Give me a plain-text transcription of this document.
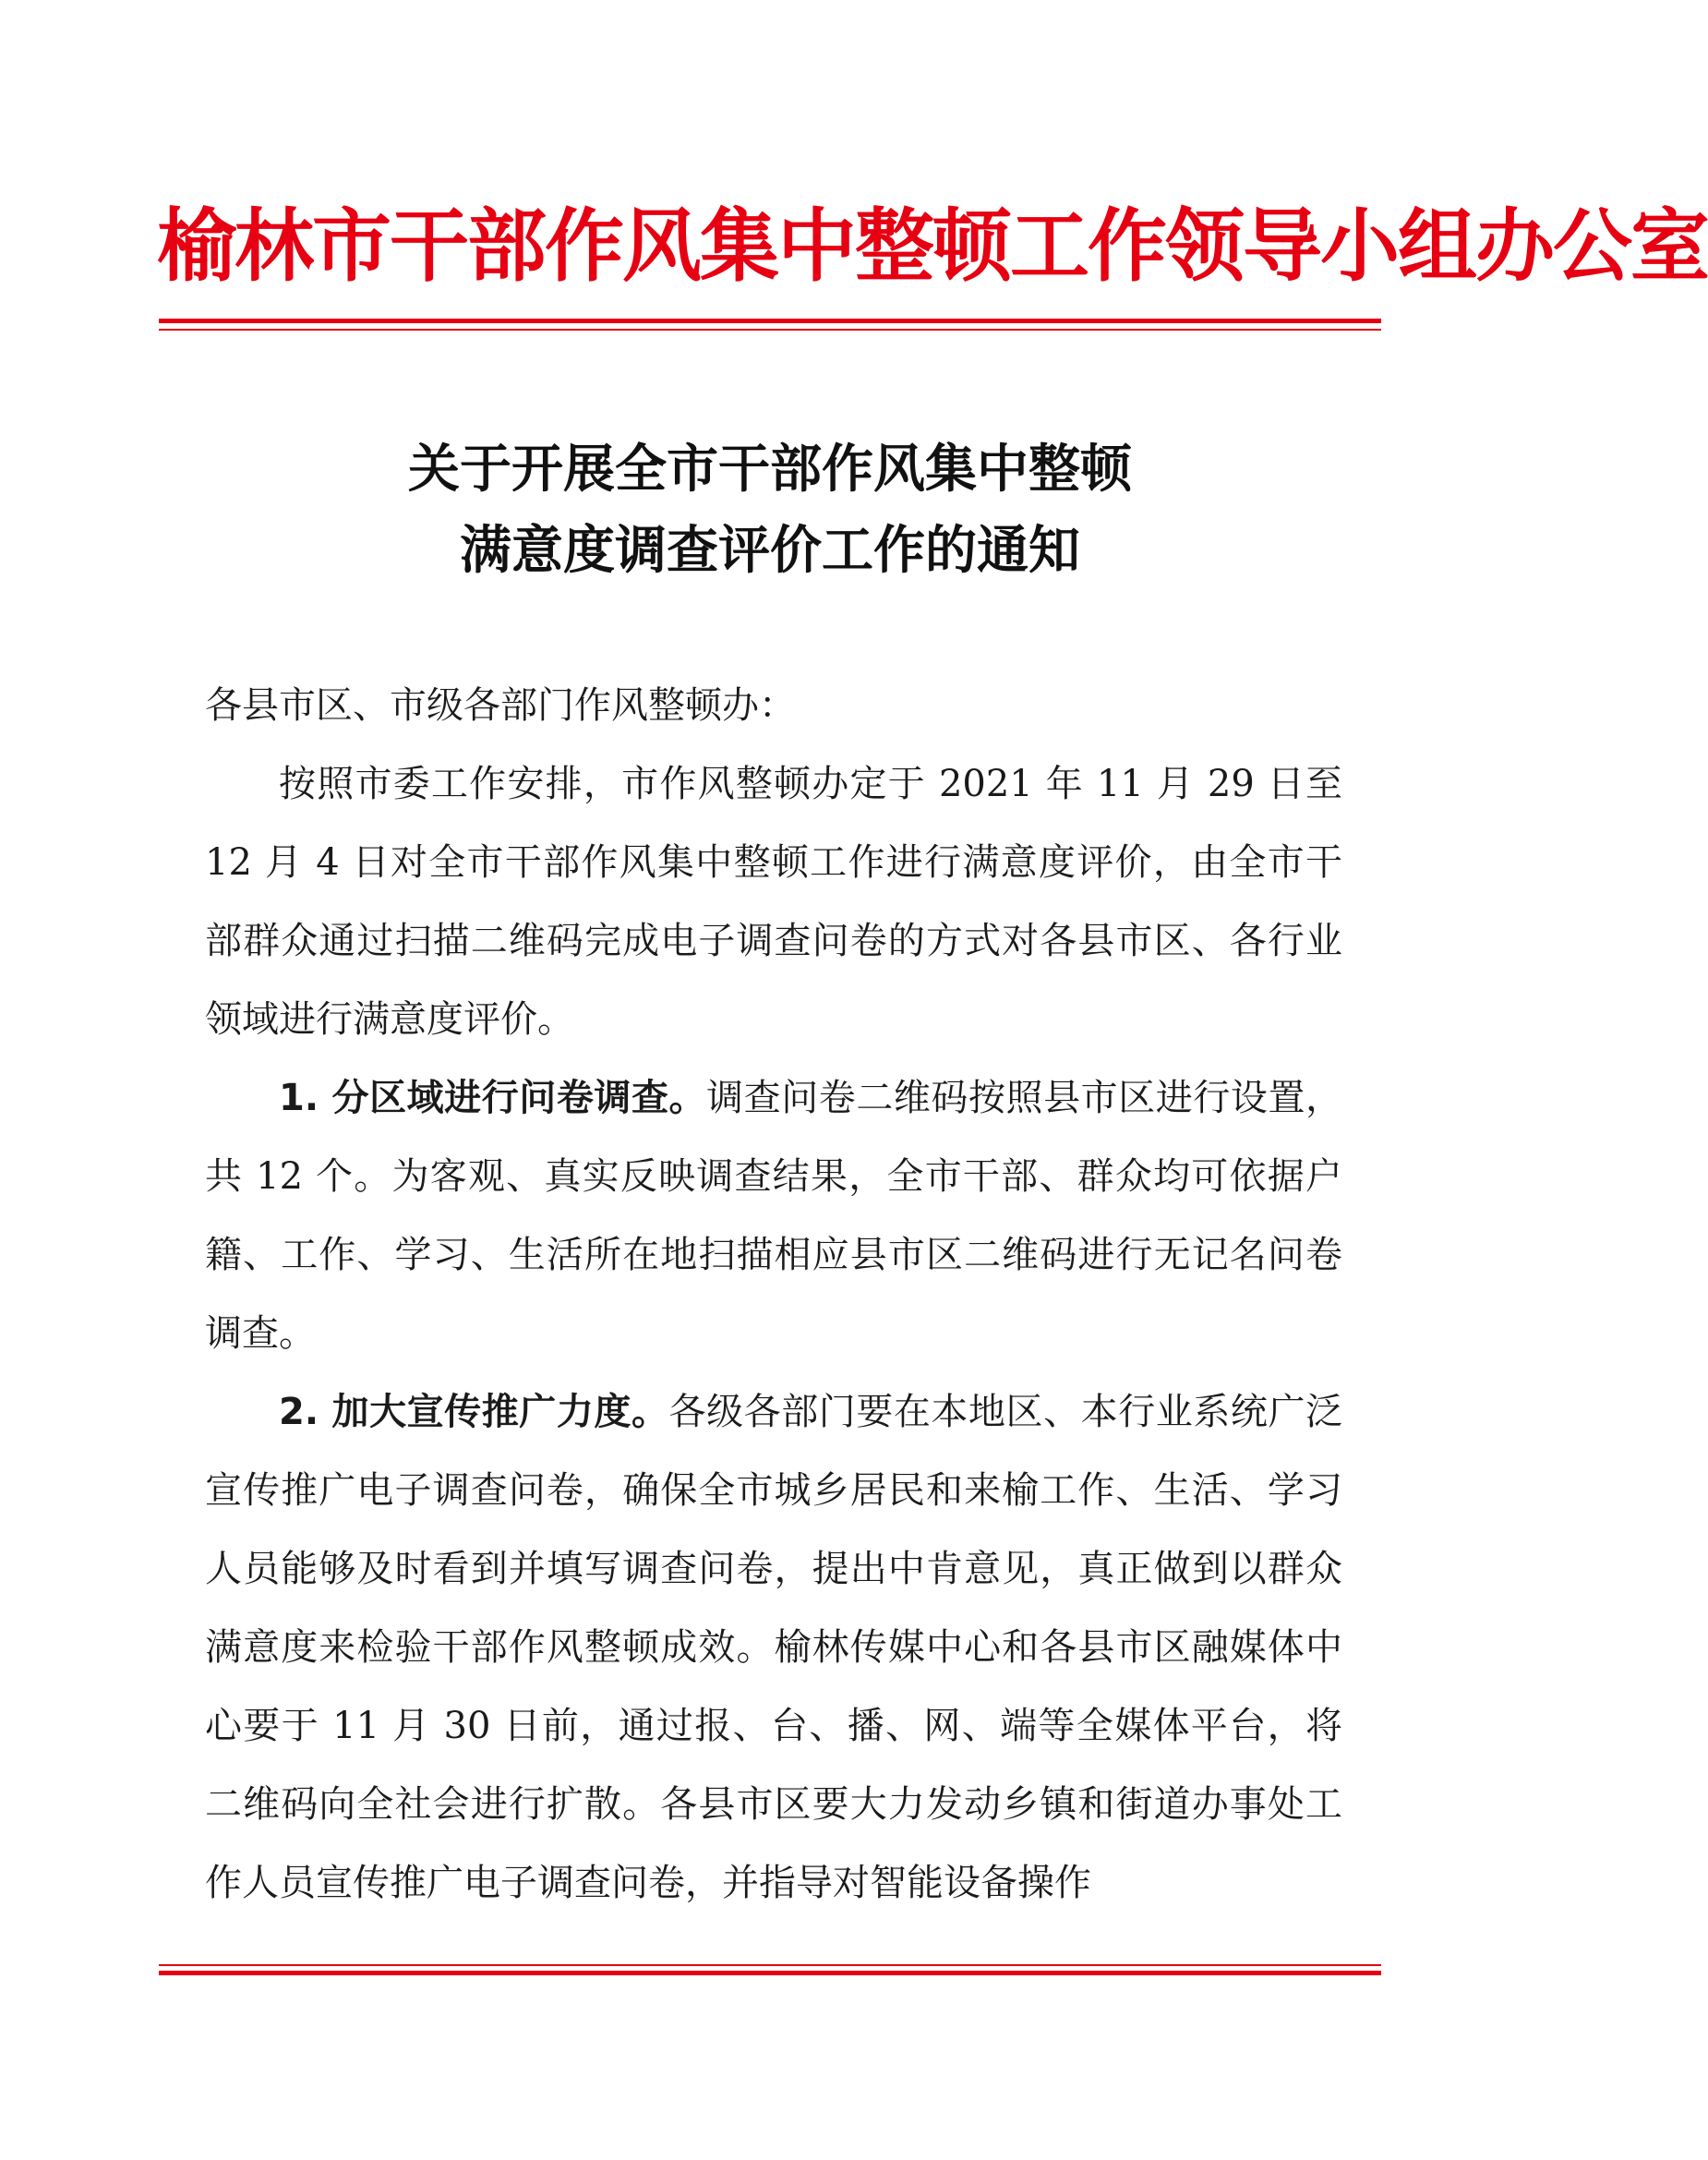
榆林市干部作风集中整顿工作领导小组办公室
关于开展全市干部作风集中整顿
满意度调查评价工作的通知

各县市区、市级各部门作风整顿办：

按照市委工作安排，市作风整顿办定于 2021 年 11 月 29 日至 12 月 4 日对全市干部作风集中整顿工作进行满意度评价，由全市干部群众通过扫描二维码完成电子调查问卷的方式对各县市区、各行业领域进行满意度评价。

1. 分区域进行问卷调查。调查问卷二维码按照县市区进行设置，共 12 个。为客观、真实反映调查结果，全市干部、群众均可依据户籍、工作、学习、生活所在地扫描相应县市区二维码进行无记名问卷调查。

2. 加大宣传推广力度。各级各部门要在本地区、本行业系统广泛宣传推广电子调查问卷，确保全市城乡居民和来榆工作、生活、学习人员能够及时看到并填写调查问卷，提出中肯意见，真正做到以群众满意度来检验干部作风整顿成效。榆林传媒中心和各县市区融媒体中心要于 11 月 30 日前，通过报、台、播、网、端等全媒体平台，将二维码向全社会进行扩散。各县市区要大力发动乡镇和街道办事处工作人员宣传推广电子调查问卷，并指导对智能设备操作
